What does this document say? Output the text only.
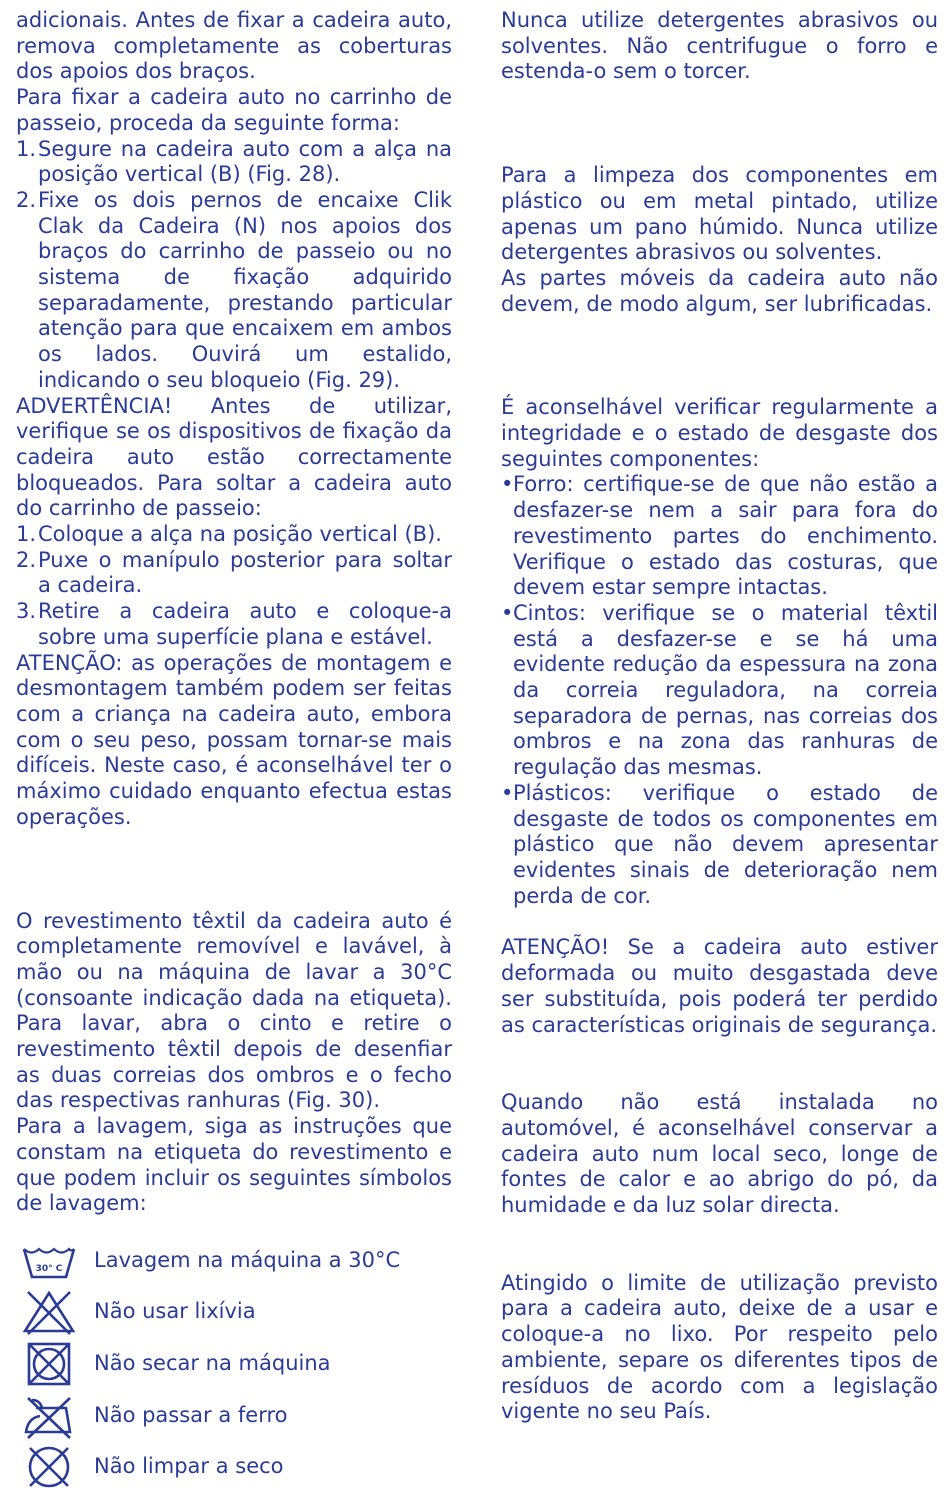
adicionais. Antes de fixar a cadeira auto, remova completamente as coberturas dos apoios dos braços.

Para fixar a cadeira auto no carrinho de passeio, proceda da seguinte forma:

1. Segure na cadeira auto com a alça na posição vertical (B) (Fig. 28).
2. Fixe os dois pernos de encaixe Clik Clak da Cadeira (N) nos apoios dos braços do carrinho de passeio ou no sistema de fixação adquirido separadamente, prestando particular atenção para que encaixem em ambos os lados. Ouvirá um estalido, indicando o seu bloqueio (Fig. 29).

ADVERTÊNCIA! Antes de utilizar, verifique se os dispositivos de fixação da cadeira auto estão correctamente bloqueados. Para soltar a cadeira auto do carrinho de passeio:

1. Coloque a alça na posição vertical (B).
2. Puxe o manípulo posterior para soltar a cadeira.
3. Retire a cadeira auto e coloque-a sobre uma superfície plana e estável.

ATENÇÃO: as operações de montagem e desmontagem também podem ser feitas com a criança na cadeira auto, embora com o seu peso, possam tornar-se mais difíceis. Neste caso, é aconselhável ter o máximo cuidado enquanto efectua estas operações.

O revestimento têxtil da cadeira auto é completamente removível e lavável, à mão ou na máquina de lavar a 30°C (consoante indicação dada na etiqueta). Para lavar, abra o cinto e retire o revestimento têxtil depois de desenfiar as duas correias dos ombros e o fecho das respectivas ranhuras (Fig. 30).

Para a lavagem, siga as instruções que constam na etiqueta do revestimento e que podem incluir os seguintes símbolos de lavagem:

30° C Lavagem na máquina a 30°C
Não usar lixívia
Não secar na máquina
Não passar a ferro
Não limpar a seco

Nunca utilize detergentes abrasivos ou solventes. Não centrifugue o forro e estenda-o sem o torcer.

Para a limpeza dos componentes em plástico ou em metal pintado, utilize apenas um pano húmido. Nunca utilize detergentes abrasivos ou solventes.

As partes móveis da cadeira auto não devem, de modo algum, ser lubrificadas.

É aconselhável verificar regularmente a integridade e o estado de desgaste dos seguintes componentes:

• Forro: certifique-se de que não estão a desfazer-se nem a sair para fora do revestimento partes do enchimento. Verifique o estado das costuras, que devem estar sempre intactas.
• Cintos: verifique se o material têxtil está a desfazer-se e se há uma evidente redução da espessura na zona da correia reguladora, na correia separadora de pernas, nas correias dos ombros e na zona das ranhuras de regulação das mesmas.
• Plásticos: verifique o estado de desgaste de todos os componentes em plástico que não devem apresentar evidentes sinais de deterioração nem perda de cor.

ATENÇÃO! Se a cadeira auto estiver deformada ou muito desgastada deve ser substituída, pois poderá ter perdido as características originais de segurança.

Quando não está instalada no automóvel, é aconselhável conservar a cadeira auto num local seco, longe de fontes de calor e ao abrigo do pó, da humidade e da luz solar directa.

Atingido o limite de utilização previsto para a cadeira auto, deixe de a usar e coloque-a no lixo. Por respeito pelo ambiente, separe os diferentes tipos de resíduos de acordo com a legislação vigente no seu País.
